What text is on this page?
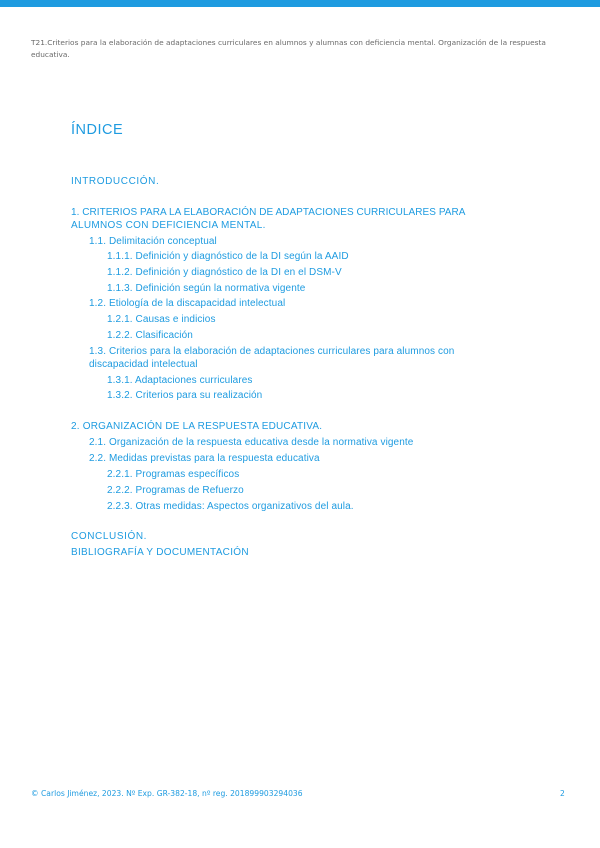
T21.Criterios para la elaboración de adaptaciones curriculares en alumnos y alumnas con deficiencia mental. Organización de la respuesta educativa.
ÍNDICE
INTRODUCCIÓN.
1. CRITERIOS PARA LA ELABORACIÓN DE ADAPTACIONES CURRICULARES PARA
ALUMNOS CON DEFICIENCIA MENTAL.
1.1. Delimitación conceptual
1.1.1. Definición y diagnóstico de la DI según la AAID
1.1.2. Definición y diagnóstico de la DI en el DSM-V
1.1.3. Definición según la normativa vigente
1.2. Etiología de la discapacidad intelectual
1.2.1. Causas e indicios
1.2.2. Clasificación
1.3. Criterios para la elaboración de adaptaciones curriculares para alumnos con
discapacidad intelectual
1.3.1. Adaptaciones curriculares
1.3.2. Criterios para su realización
2. ORGANIZACIÓN DE LA RESPUESTA EDUCATIVA.
2.1. Organización de la respuesta educativa desde la normativa vigente
2.2. Medidas previstas para la respuesta educativa
2.2.1. Programas específicos
2.2.2. Programas de Refuerzo
2.2.3. Otras medidas: Aspectos organizativos del aula.
CONCLUSIÓN.
BIBLIOGRAFÍA Y DOCUMENTACIÓN
© Carlos Jiménez, 2023. Nº Exp. GR-382-18, nº reg. 2018999032940​36	2
